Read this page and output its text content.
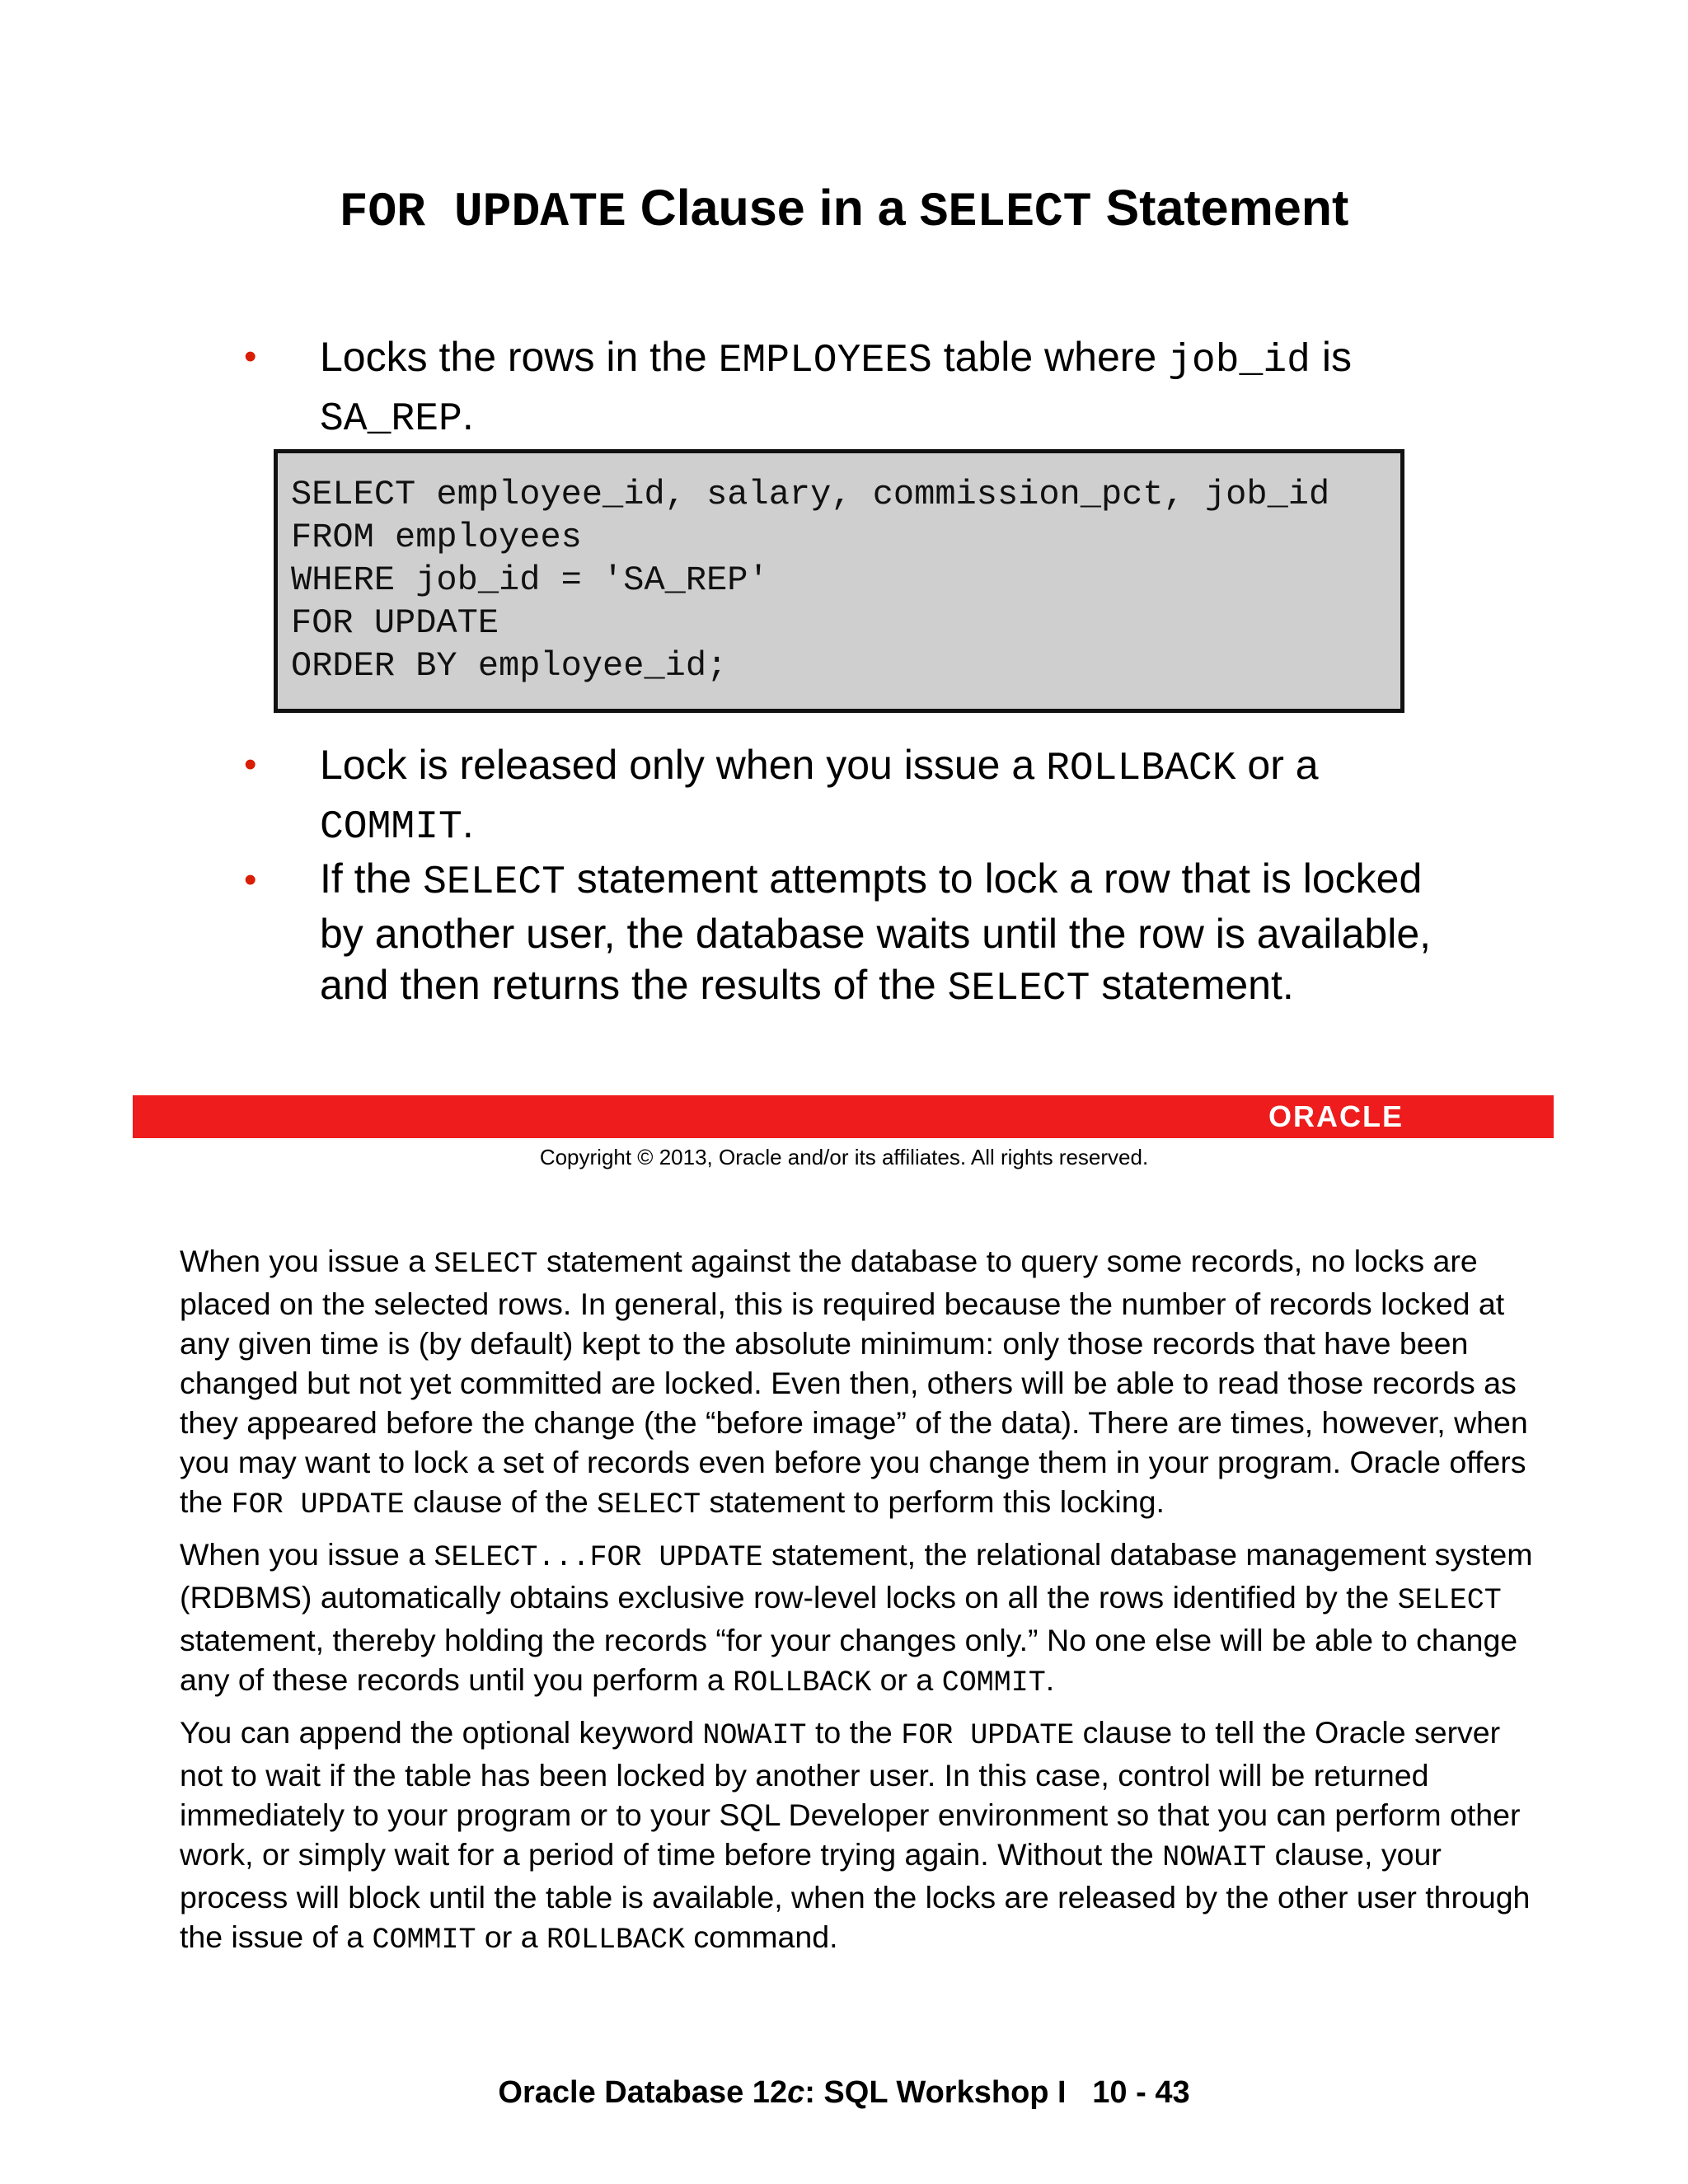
FOR UPDATE Clause in a SELECT Statement
• Locks the rows in the EMPLOYEES table where job_id is SA_REP.
SELECT employee_id, salary, commission_pct, job_id
FROM employees
WHERE job_id = 'SA_REP'
FOR UPDATE
ORDER BY employee_id;
• Lock is released only when you issue a ROLLBACK or a COMMIT.
• If the SELECT statement attempts to lock a row that is locked by another user, the database waits until the row is available, and then returns the results of the SELECT statement.
ORACLE
Copyright © 2013, Oracle and/or its affiliates. All rights reserved.

When you issue a SELECT statement against the database to query some records, no locks are placed on the selected rows. In general, this is required because the number of records locked at any given time is (by default) kept to the absolute minimum: only those records that have been changed but not yet committed are locked. Even then, others will be able to read those records as they appeared before the change (the “before image” of the data). There are times, however, when you may want to lock a set of records even before you change them in your program. Oracle offers the FOR UPDATE clause of the SELECT statement to perform this locking.

When you issue a SELECT...FOR UPDATE statement, the relational database management system (RDBMS) automatically obtains exclusive row-level locks on all the rows identified by the SELECT statement, thereby holding the records “for your changes only.” No one else will be able to change any of these records until you perform a ROLLBACK or a COMMIT.

You can append the optional keyword NOWAIT to the FOR UPDATE clause to tell the Oracle server not to wait if the table has been locked by another user. In this case, control will be returned immediately to your program or to your SQL Developer environment so that you can perform other work, or simply wait for a period of time before trying again. Without the NOWAIT clause, your process will block until the table is available, when the locks are released by the other user through the issue of a COMMIT or a ROLLBACK command.

Oracle Database 12c: SQL Workshop I   10 - 43
